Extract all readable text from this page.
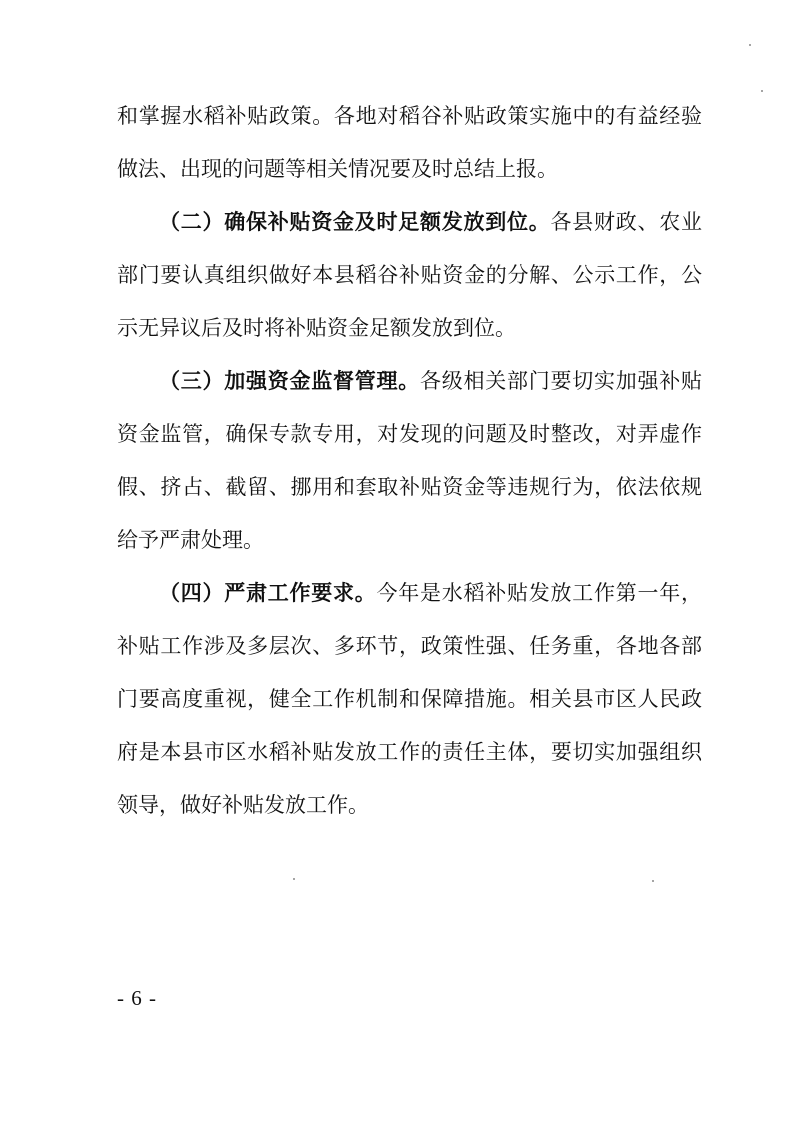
和掌握水稻补贴政策。各地对稻谷补贴政策实施中的有益经验
做法、出现的问题等相关情况要及时总结上报。
（二）确保补贴资金及时足额发放到位。各县财政、农业
部门要认真组织做好本县稻谷补贴资金的分解、公示工作，公
示无异议后及时将补贴资金足额发放到位。
（三）加强资金监督管理。各级相关部门要切实加强补贴
资金监管，确保专款专用，对发现的问题及时整改，对弄虚作
假、挤占、截留、挪用和套取补贴资金等违规行为，依法依规
给予严肃处理。
（四）严肃工作要求。今年是水稻补贴发放工作第一年，
补贴工作涉及多层次、多环节，政策性强、任务重，各地各部
门要高度重视，健全工作机制和保障措施。相关县市区人民政
府是本县市区水稻补贴发放工作的责任主体，要切实加强组织
领导，做好补贴发放工作。
- 6 -
